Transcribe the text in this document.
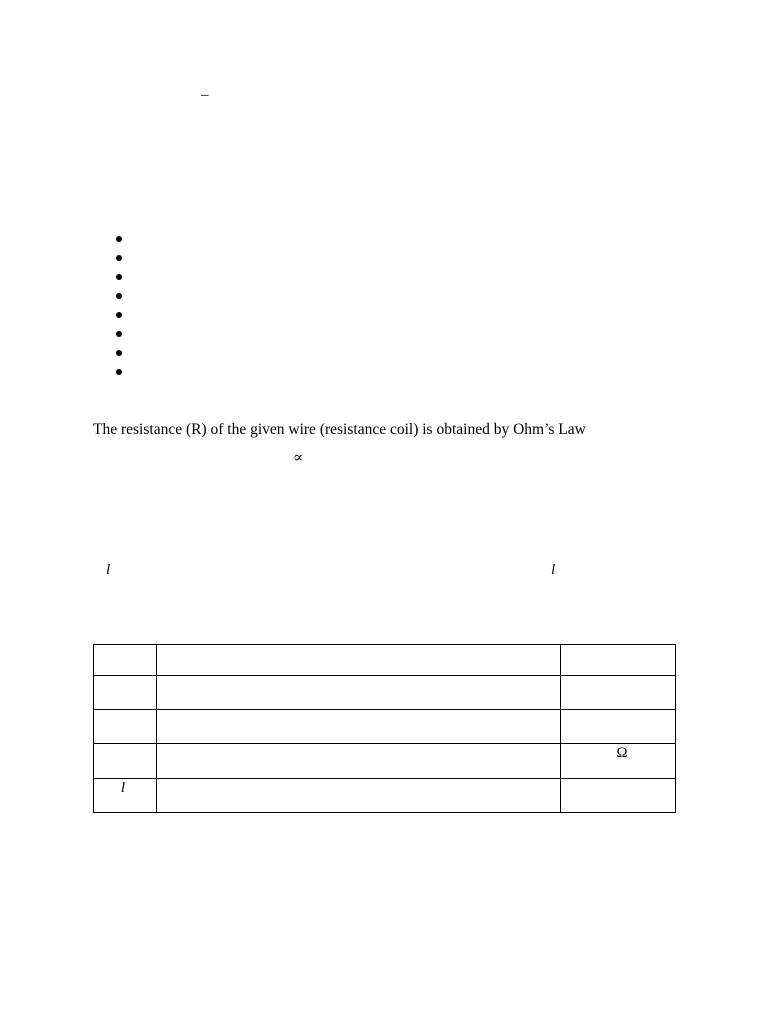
–
The resistance (R) of the given wire (resistance coil) is obtained by Ohm’s Law
∝
l	l

		Ω

l		
